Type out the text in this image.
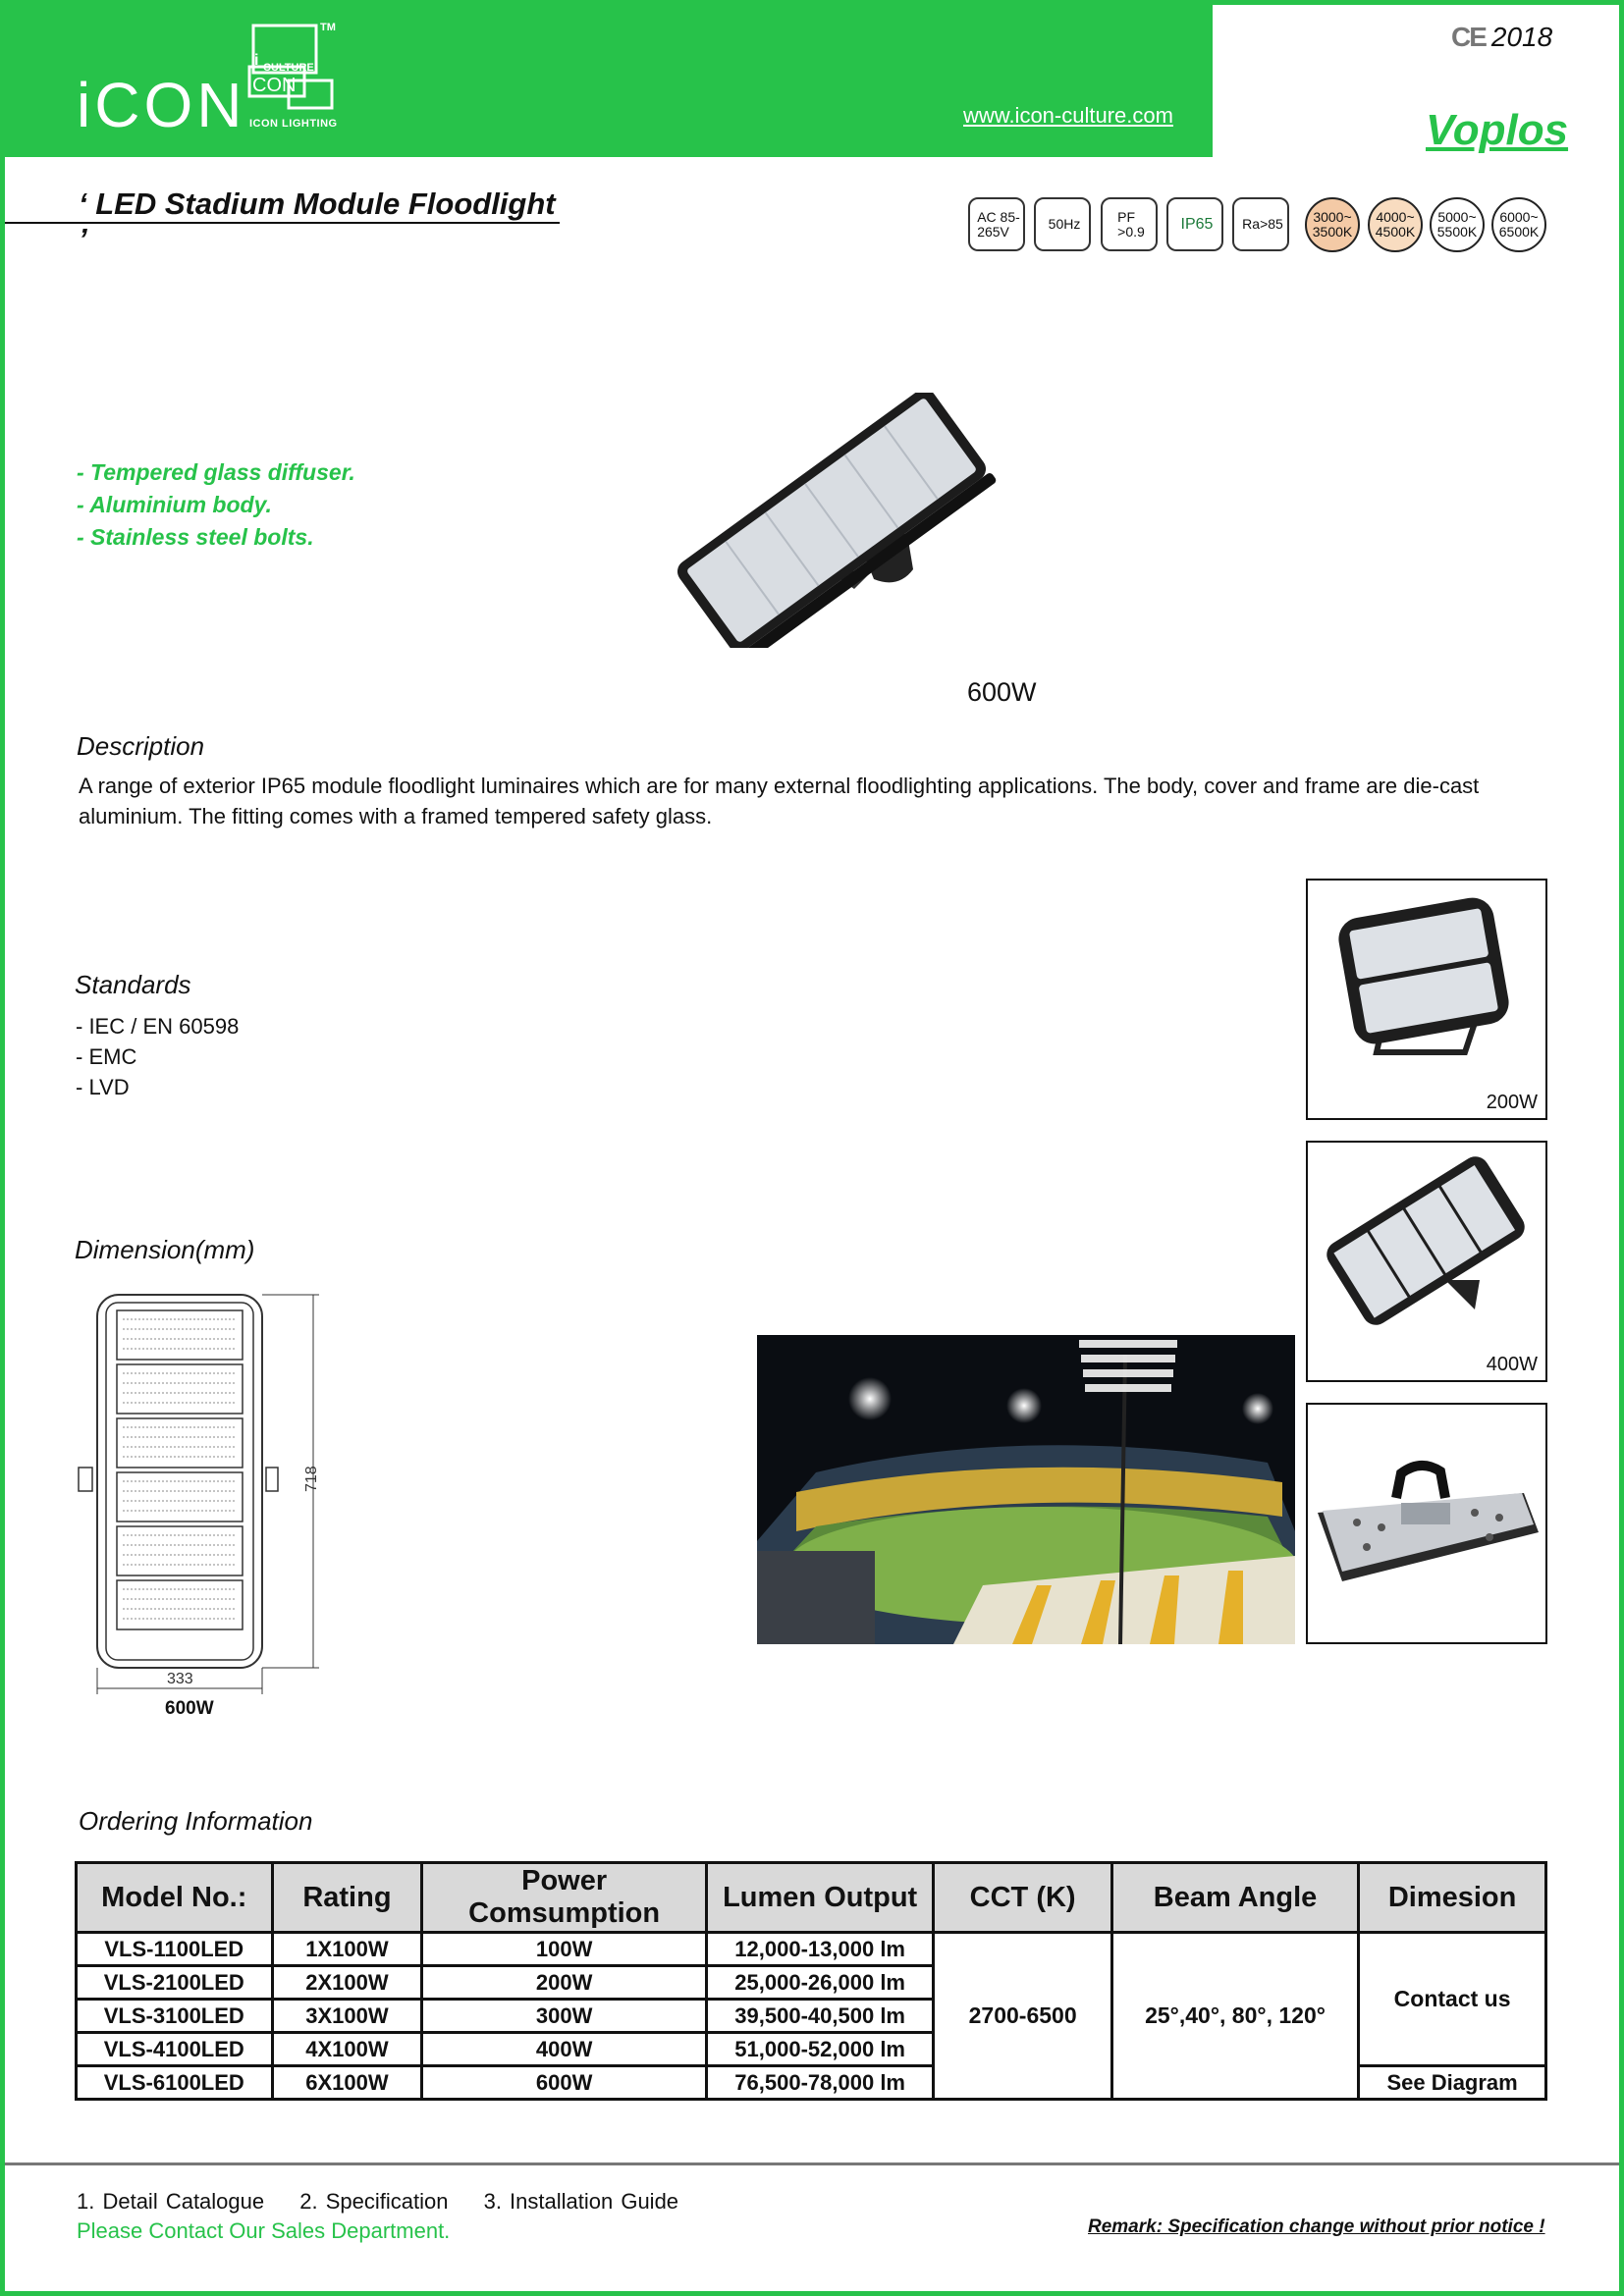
iCON
i CULTURE
CON
TM
ICON LIGHTING	www.icon-culture.com
CE 2018
Voplos
‘ LED Stadium Module Floodlight ’
AC 85-
265V	50Hz	PF
>0.9 IP65 Ra>85 3000~
3500K
4000~
4500K
5000~
5500K
6000~
6500K
- Tempered glass diffuser.
- Aluminium body.
- Stainless steel bolts.
600W
Description
A range of exterior IP65 module floodlight luminaires which are for many external floodlighting applications. The body, cover and frame are die-cast aluminium. The fitting comes with a framed tempered safety glass.
Standards
- IEC / EN 60598
- EMC
- LVD
Dimension(mm)
718
333
600W
200W
400W
Ordering Information
Model No.:	Rating	Power Comsumption	Lumen Output	CCT (K)	Beam Angle	Dimesion
VLS-1100LED	1X100W	100W	12,000-13,000 lm	2700-6500	25°,40°, 80°, 120°	Contact us
VLS-2100LED	2X100W	200W	25,000-26,000 lm			
VLS-3100LED	3X100W	300W	39,500-40,500 lm			
VLS-4100LED	4X100W	400W	51,000-52,000 lm			
VLS-6100LED	6X100W	600W	76,500-78,000 lm			See Diagram
1. Detail Catalogue 2. Specification 3. Installation Guide
Please Contact Our Sales Department.	Remark: Specification change without prior notice !
